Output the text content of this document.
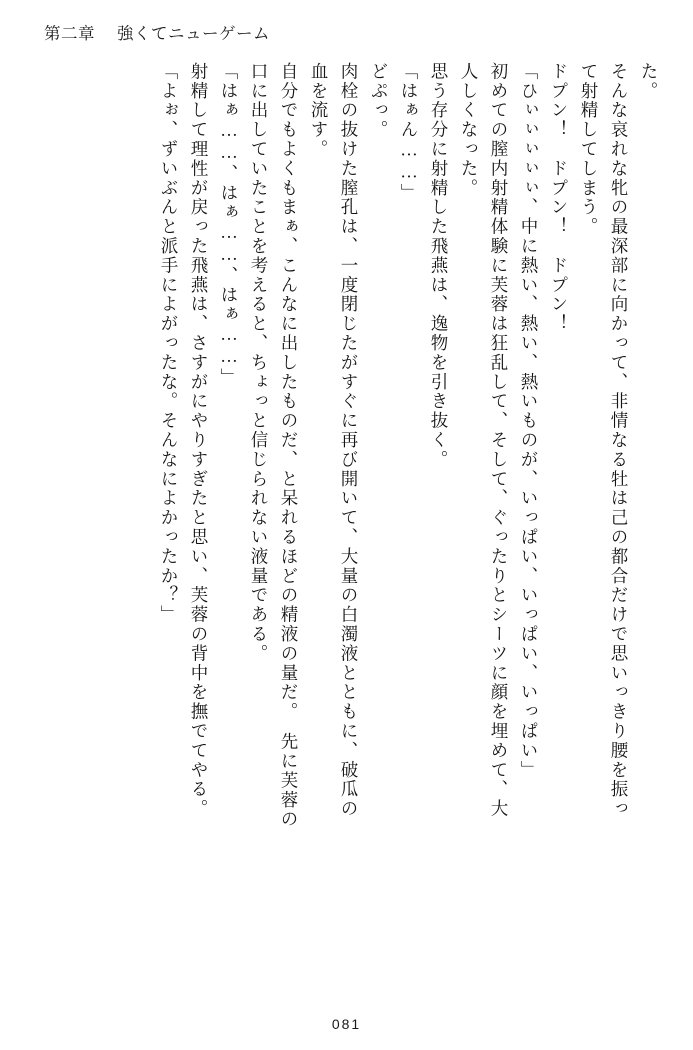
第二章 強くてニューゲーム
た。
そんな哀れな牝の最深部に向かって、非情なる牡は己の都合だけで思いっきり腰を振っ
て射精してしまう。
ドプン！　ドプン！　ドプン！
「ひぃぃぃぃぃ、中に熱い、熱い、熱いものが、いっぱい、いっぱい、いっぱい」
初めての膣内射精体験に芙蓉は狂乱して、そして、ぐったりとシーツに顔を埋めて、大
人しくなった。
思う存分に射精した飛燕は、逸物を引き抜く。
「はぁん……」
どぷっ。
肉栓の抜けた膣孔は、一度閉じたがすぐに再び開いて、大量の白濁液とともに、破瓜の
血を流す。
自分でもよくもまぁ、こんなに出したものだ、と呆れるほどの精液の量だ。　先に芙蓉の
口に出していたことを考えると、ちょっと信じられない液量である。
「はぁ……、はぁ……、はぁ……」
射精して理性が戻った飛燕は、さすがにやりすぎたと思い、芙蓉の背中を撫でてやる。
「よぉ、ずいぶんと派手によがったな。そんなによかったか？」
081
